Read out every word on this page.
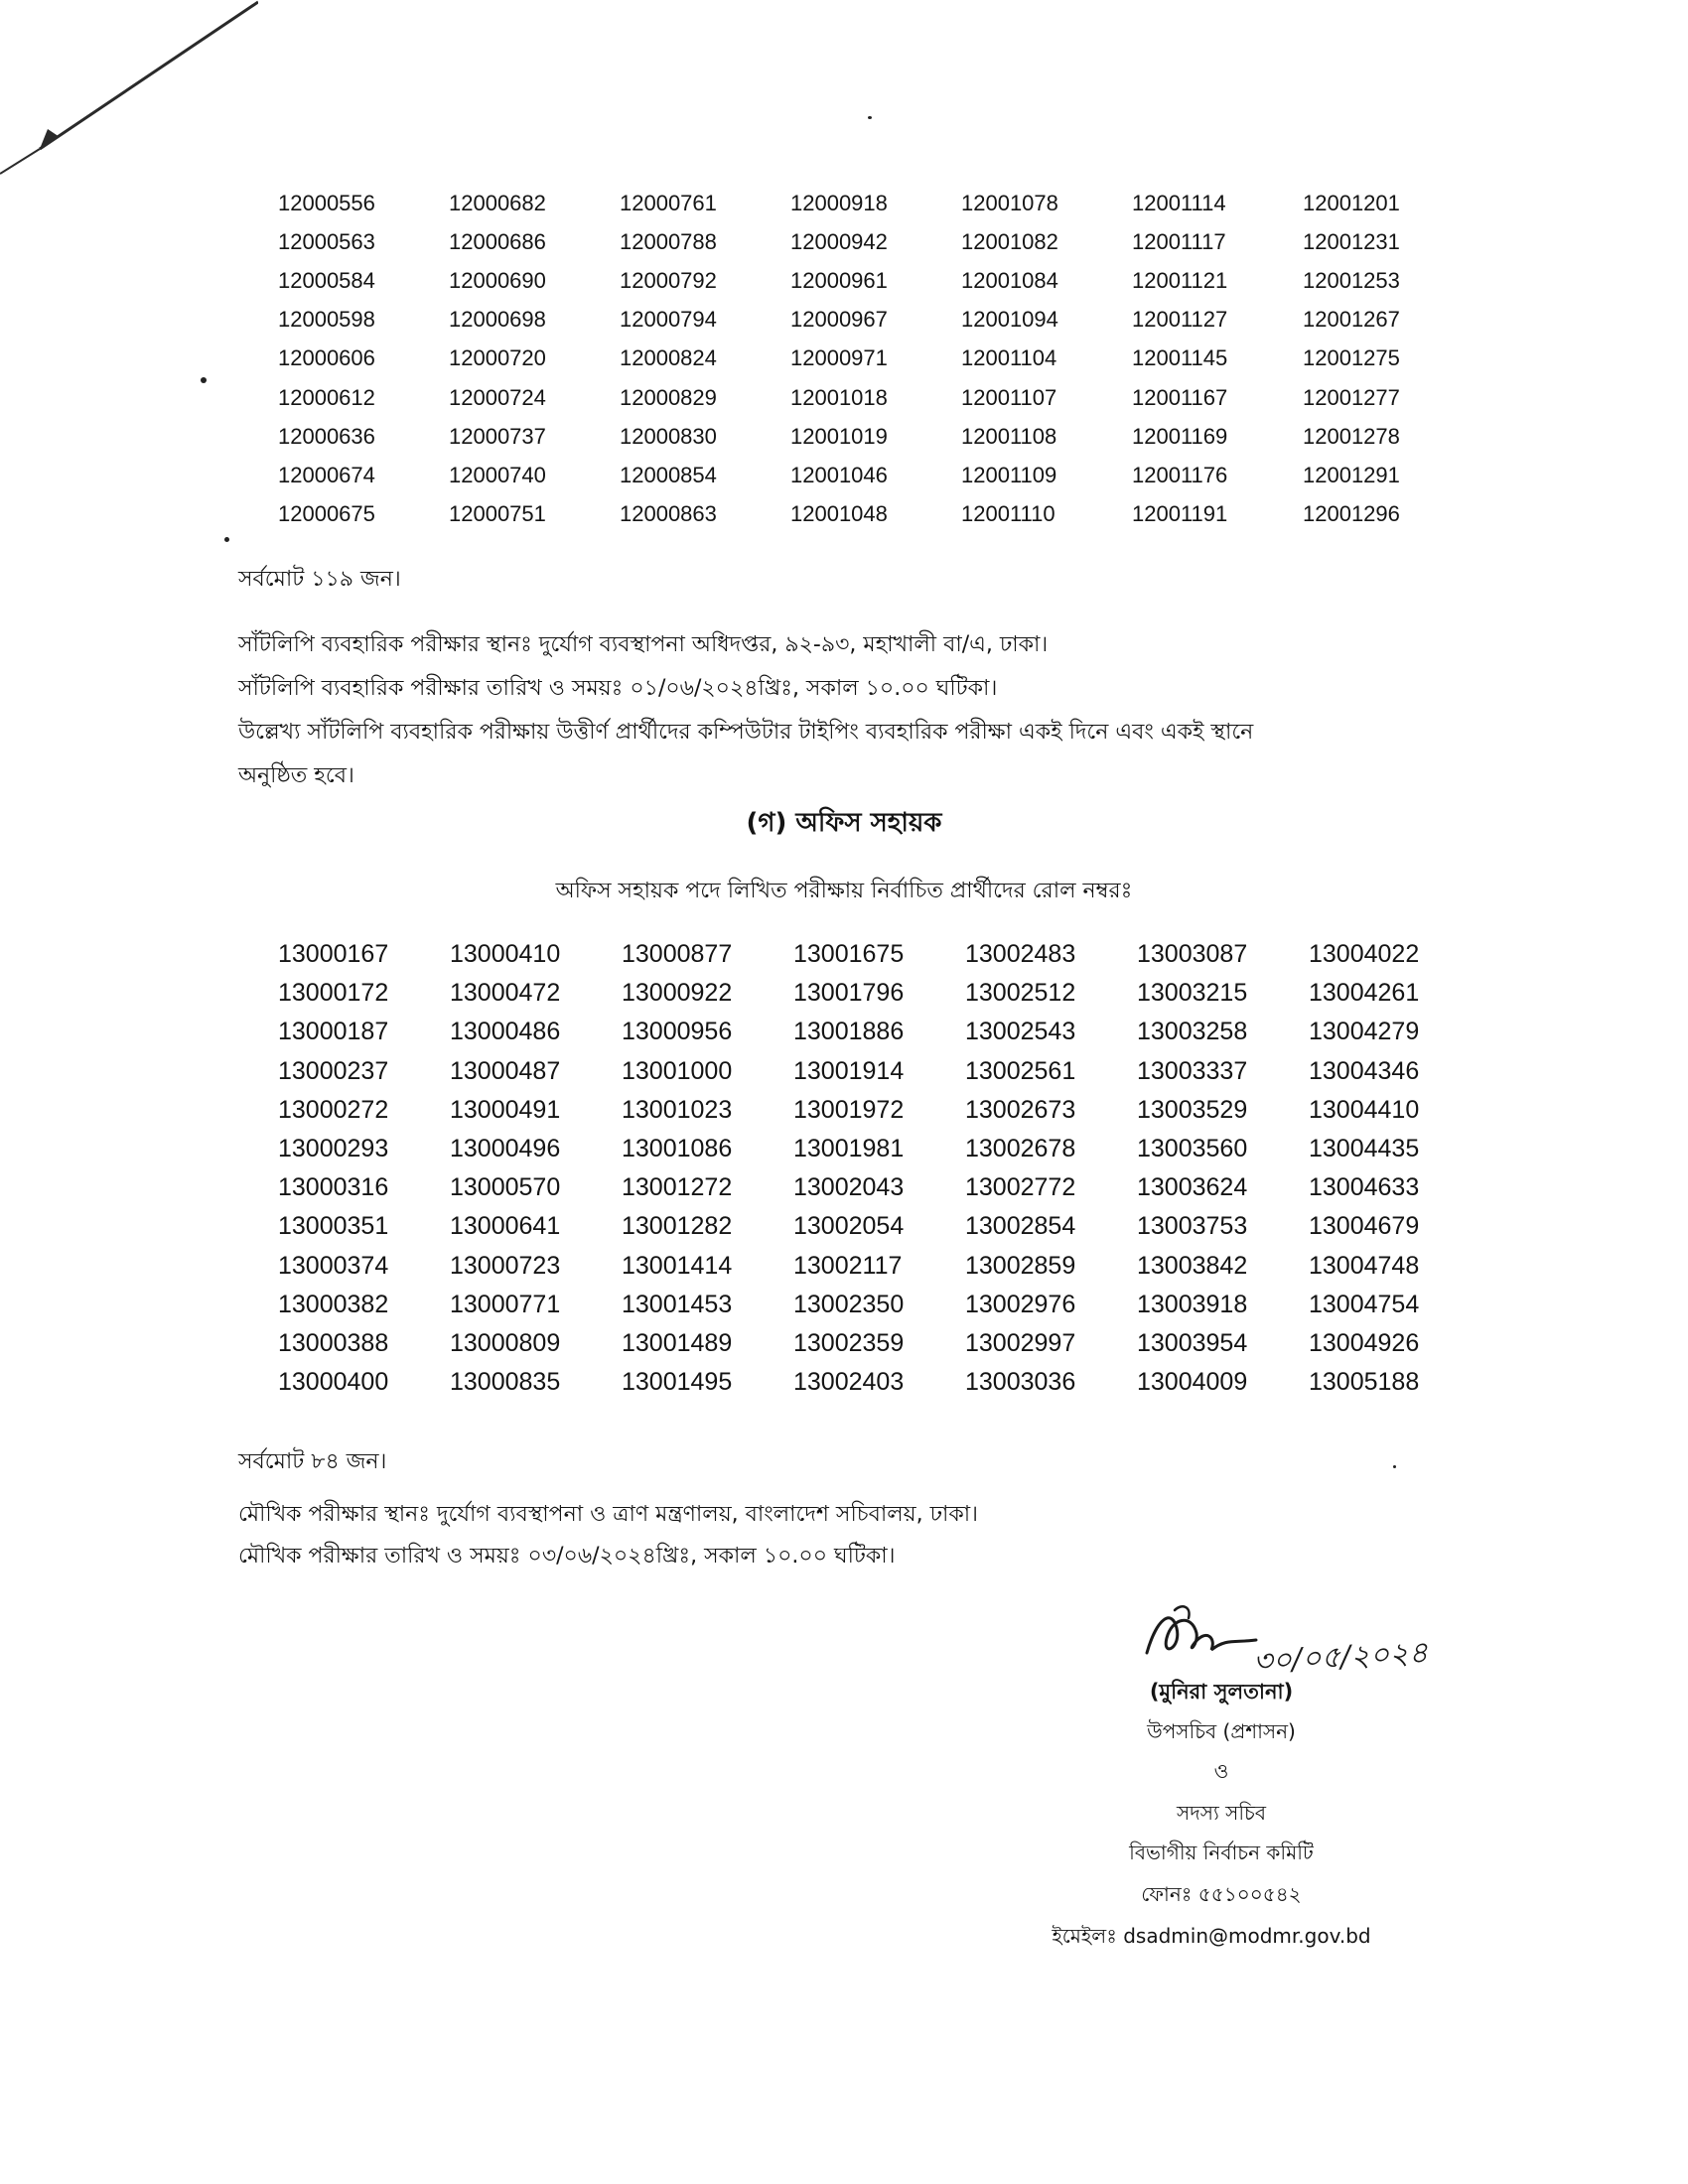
12000556	12000682	12000761	12000918	12001078	12001114	12001201
12000563	12000686	12000788	12000942	12001082	12001117	12001231
12000584	12000690	12000792	12000961	12001084	12001121	12001253
12000598	12000698	12000794	12000967	12001094	12001127	12001267
12000606	12000720	12000824	12000971	12001104	12001145	12001275
12000612	12000724	12000829	12001018	12001107	12001167	12001277
12000636	12000737	12000830	12001019	12001108	12001169	12001278
12000674	12000740	12000854	12001046	12001109	12001176	12001291
12000675	12000751	12000863	12001048	12001110	12001191	12001296

সর্বমোট ১১৯ জন।

সাঁটলিপি ব্যবহারিক পরীক্ষার স্থানঃ দুর্যোগ ব্যবস্থাপনা অধিদপ্তর, ৯২-৯৩, মহাখালী বা/এ, ঢাকা।

সাঁটলিপি ব্যবহারিক পরীক্ষার তারিখ ও সময়ঃ ০১/০৬/২০২৪খ্রিঃ, সকাল ১০.০০ ঘটিকা।

উল্লেখ্য সাঁটলিপি ব্যবহারিক পরীক্ষায় উত্তীর্ণ প্রার্থীদের কম্পিউটার টাইপিং ব্যবহারিক পরীক্ষা একই দিনে এবং একই স্থানে

অনুষ্ঠিত হবে।

(গ) অফিস সহায়ক

অফিস সহায়ক পদে লিখিত পরীক্ষায় নির্বাচিত প্রার্থীদের রোল নম্বরঃ

13000167	13000410	13000877	13001675	13002483	13003087	13004022
13000172	13000472	13000922	13001796	13002512	13003215	13004261
13000187	13000486	13000956	13001886	13002543	13003258	13004279
13000237	13000487	13001000	13001914	13002561	13003337	13004346
13000272	13000491	13001023	13001972	13002673	13003529	13004410
13000293	13000496	13001086	13001981	13002678	13003560	13004435
13000316	13000570	13001272	13002043	13002772	13003624	13004633
13000351	13000641	13001282	13002054	13002854	13003753	13004679
13000374	13000723	13001414	13002117	13002859	13003842	13004748
13000382	13000771	13001453	13002350	13002976	13003918	13004754
13000388	13000809	13001489	13002359	13002997	13003954	13004926
13000400	13000835	13001495	13002403	13003036	13004009	13005188

সর্বমোট ৮৪ জন।

মৌখিক পরীক্ষার স্থানঃ দুর্যোগ ব্যবস্থাপনা ও ত্রাণ মন্ত্রণালয়, বাংলাদেশ সচিবালয়, ঢাকা।

মৌখিক পরীক্ষার তারিখ ও সময়ঃ ০৩/০৬/২০২৪খ্রিঃ, সকাল ১০.০০ ঘটিকা।

৩০/০৫/২০২৪

(মুনিরা সুলতানা)

উপসচিব (প্রশাসন)

ও

সদস্য সচিব

বিভাগীয় নির্বাচন কমিটি

ফোনঃ ৫৫১০০৫৪২

ইমেইলঃ dsadmin@modmr.gov.bd
